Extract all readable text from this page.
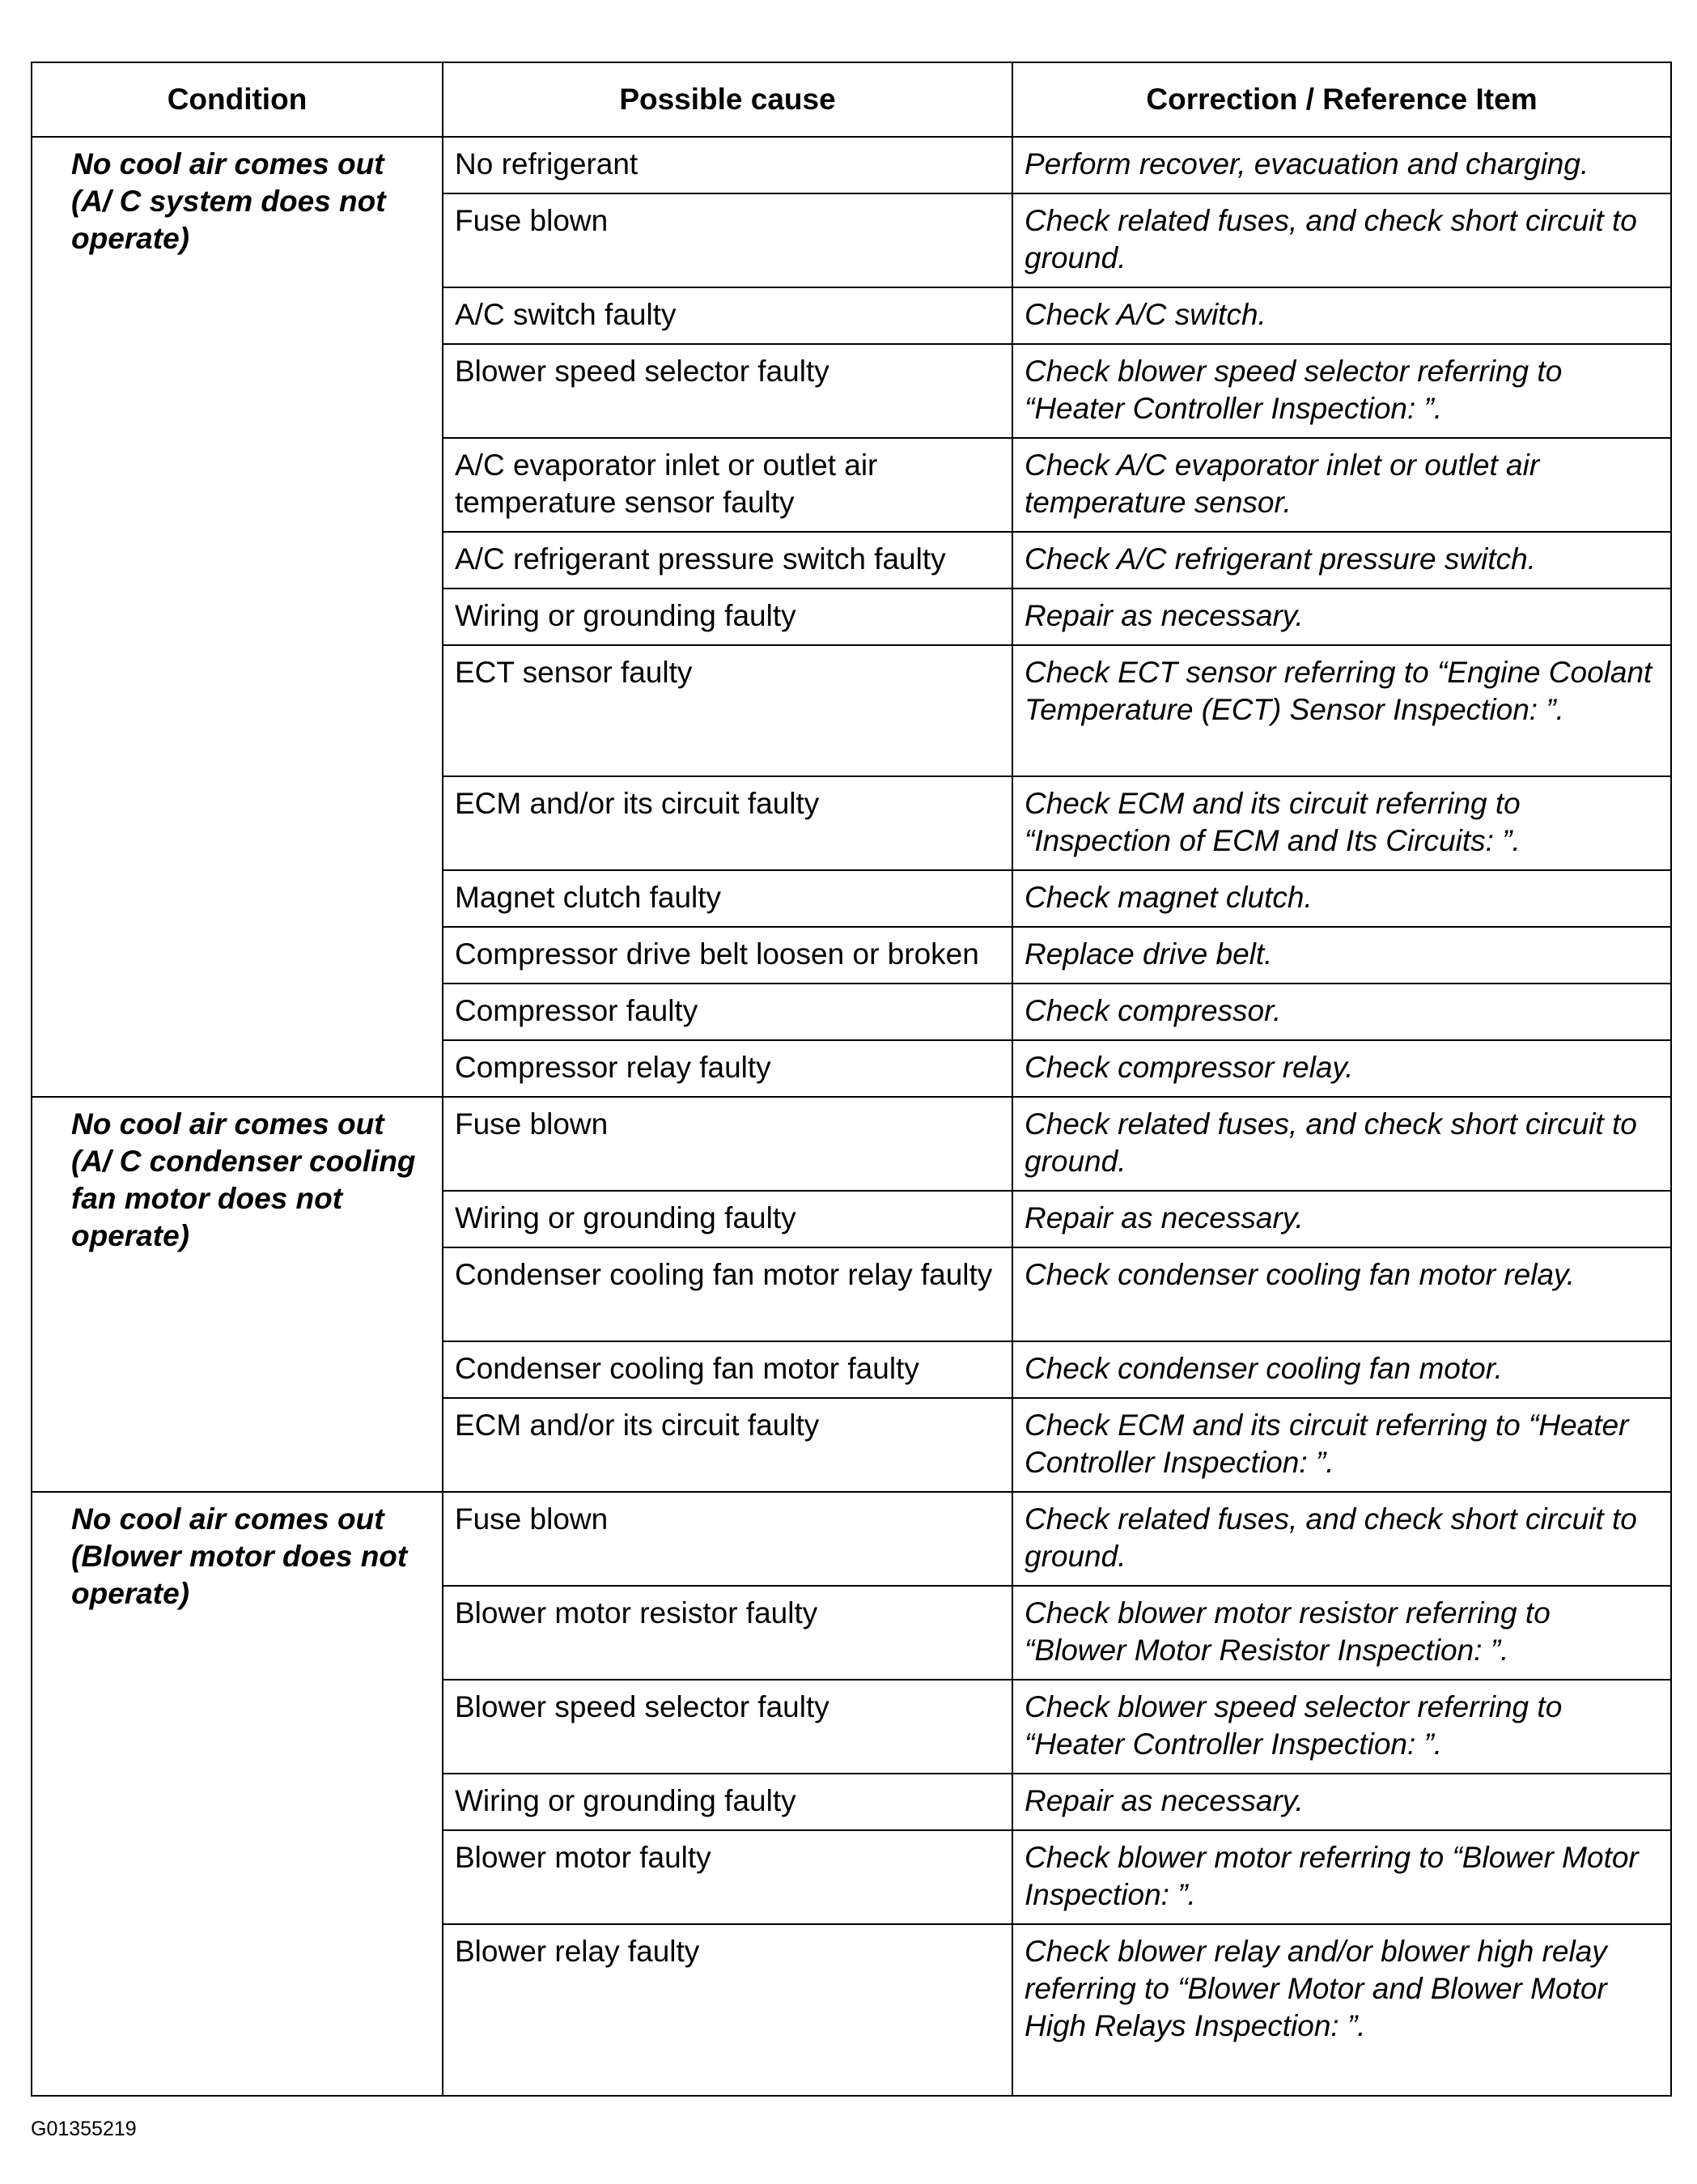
Condition	Possible cause	Correction / Reference Item
No cool air comes out (A/ C system does not operate)	No refrigerant	Perform recover, evacuation and charging.
	Fuse blown	Check related fuses, and check short circuit to ground.
	A/C switch faulty	Check A/C switch.
	Blower speed selector faulty	Check blower speed selector referring to “Heater Controller Inspection: ”.
	A/C evaporator inlet or outlet air temperature sensor faulty	Check A/C evaporator inlet or outlet air temperature sensor.
	A/C refrigerant pressure switch faulty	Check A/C refrigerant pressure switch.
	Wiring or grounding faulty	Repair as necessary.
	ECT sensor faulty	Check ECT sensor referring to “Engine Coolant Temperature (ECT) Sensor Inspection: ”.
	ECM and/or its circuit faulty	Check ECM and its circuit referring to “Inspection of ECM and Its Circuits: ”.
	Magnet clutch faulty	Check magnet clutch.
	Compressor drive belt loosen or broken	Replace drive belt.
	Compressor faulty	Check compressor.
	Compressor relay faulty	Check compressor relay.
No cool air comes out (A/ C condenser cooling fan motor does not operate)	Fuse blown	Check related fuses, and check short circuit to ground.
	Wiring or grounding faulty	Repair as necessary.
	Condenser cooling fan motor relay faulty	Check condenser cooling fan motor relay.
	Condenser cooling fan motor faulty	Check condenser cooling fan motor.
	ECM and/or its circuit faulty	Check ECM and its circuit referring to “Heater Controller Inspection: ”.
No cool air comes out (Blower motor does not operate)	Fuse blown	Check related fuses, and check short circuit to ground.
	Blower motor resistor faulty	Check blower motor resistor referring to “Blower Motor Resistor Inspection: ”.
	Blower speed selector faulty	Check blower speed selector referring to “Heater Controller Inspection: ”.
	Wiring or grounding faulty	Repair as necessary.
	Blower motor faulty	Check blower motor referring to “Blower Motor Inspection: ”.
	Blower relay faulty	Check blower relay and/or blower high relay referring to “Blower Motor and Blower Motor High Relays Inspection: ”.
G01355219
